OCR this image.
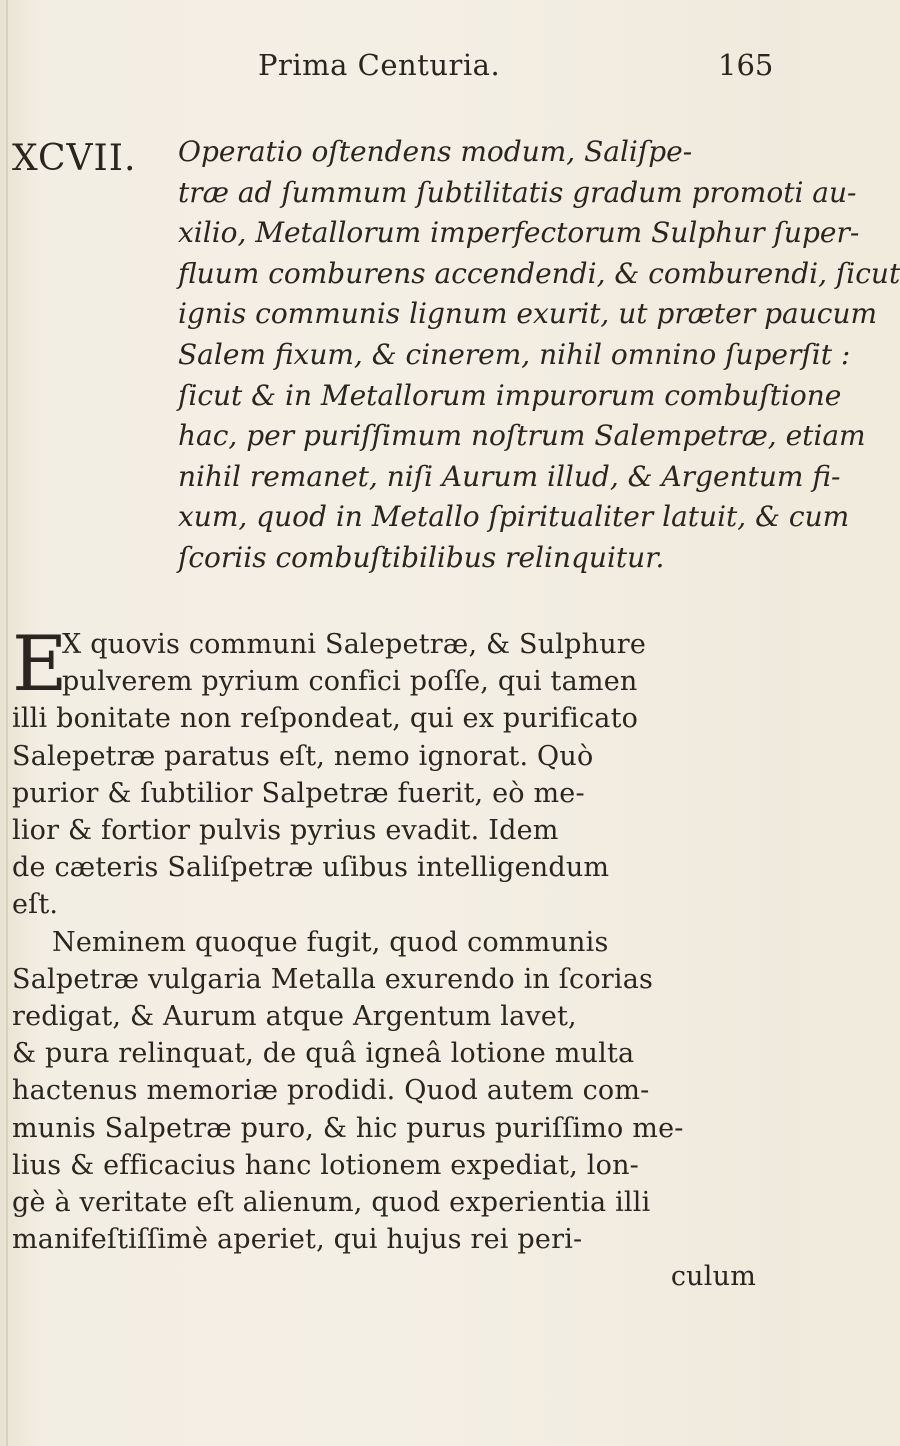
Prima Centuria.	165
XCVII. Operatio oſtendens modum, Saliſpe-
træ ad ſummum ſubtilitatis gradum promoti au-
xilio, Metallorum imperfectorum Sulphur ſuper-
fluum comburens accendendi, & comburendi, ſicut
ignis communis lignum exurit, ut præter paucum
Salem fixum, & cinerem, nihil omnino ſuperſit :
ſicut & in Metallorum impurorum combuſtione
hac, per puriſſimum noſtrum Salempetræ, etiam
nihil remanet, niſi Aurum illud, & Argentum fi-
xum, quod in Metallo ſpiritualiter latuit, & cum
ſcoriis combuſtibilibus relinquitur.
E
X quovis communi Salepetræ, & Sulphure
pulverem pyrium confici poſſe, qui tamen
illi bonitate non reſpondeat, qui ex purificato
Salepetræ paratus eſt, nemo ignorat. Quò
purior & ſubtilior Salpetræ fuerit, eò me-
lior & fortior pulvis pyrius evadit. Idem
de cæteris Saliſpetræ uſibus intelligendum
eſt.
Neminem quoque fugit, quod communis
Salpetræ vulgaria Metalla exurendo in ſcorias
redigat, & Aurum atque Argentum lavet,
& pura relinquat, de quâ igneâ lotione multa
hactenus memoriæ prodidi. Quod autem com-
munis Salpetræ puro, & hic purus puriſſimo me-
lius & efficacius hanc lotionem expediat, lon-
gè à veritate eſt alienum, quod experientia illi
manifeſtiſſimè aperiet, qui hujus rei peri-
culum
